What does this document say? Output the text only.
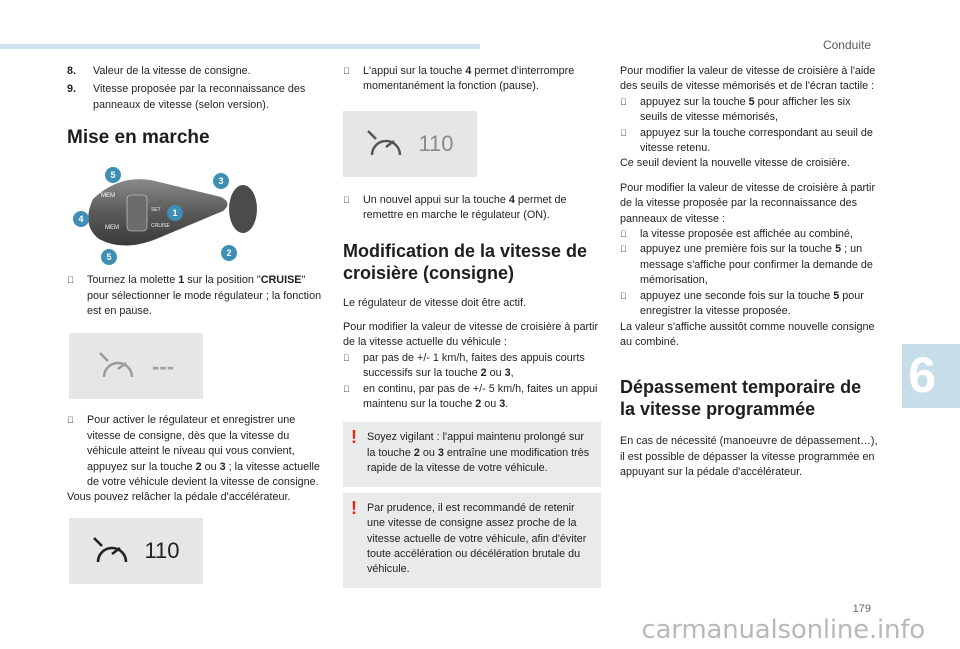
Conduite
6
179
carmanualsonline.info
8.	Valeur de la vitesse de consigne.
9.	Vitesse proposée par la reconnaissance des panneaux de vitesse (selon version).
Mise en marche
MEM
MEM
SET
CRUISE
5
3
4
1
5	2
Tournez la molette 1 sur la position "CRUISE" pour sélectionner le mode régulateur ; la fonction est en pause.
---
Pour activer le régulateur et enregistrer une vitesse de consigne, dès que la vitesse du véhicule atteint le niveau qui vous convient, appuyez sur la touche 2 ou 3 ; la vitesse actuelle de votre véhicule devient la vitesse de consigne.

Vous pouvez relâcher la pédale d'accélérateur.

110
L'appui sur la touche 4 permet d'interrompre momentanément la fonction (pause).
110
Un nouvel appui sur la touche 4 permet de remettre en marche le régulateur (ON).
Modification de la vitesse de croisière (consigne)

Le régulateur de vitesse doit être actif.

Pour modifier la valeur de vitesse de croisière à partir de la vitesse actuelle du véhicule :

par pas de +/- 1 km/h, faites des appuis courts successifs sur la touche 2 ou 3,
en continu, par pas de +/- 5 km/h, faites un appui maintenu sur la touche 2 ou 3.
! Soyez vigilant : l'appui maintenu prolongé sur la touche 2 ou 3 entraîne une modification très rapide de la vitesse de votre véhicule.
! Par prudence, il est recommandé de retenir une vitesse de consigne assez proche de la vitesse actuelle de votre véhicule, afin d'éviter toute accélération ou décélération brutale du véhicule.

Pour modifier la valeur de vitesse de croisière à l'aide des seuils de vitesse mémorisés et de l'écran tactile :

appuyez sur la touche 5 pour afficher les six seuils de vitesse mémorisés,
appuyez sur la touche correspondant au seuil de vitesse retenu.

Ce seuil devient la nouvelle vitesse de croisière.

Pour modifier la valeur de vitesse de croisière à partir de la vitesse proposée par la reconnaissance des panneaux de vitesse :

la vitesse proposée est affichée au combiné,
appuyez une première fois sur la touche 5 ; un message s'affiche pour confirmer la demande de mémorisation,
appuyez une seconde fois sur la touche 5 pour enregistrer la vitesse proposée.

La valeur s'affiche aussitôt comme nouvelle consigne au combiné.

Dépassement temporaire de la vitesse programmée

En cas de nécessité (manoeuvre de dépassement…), il est possible de dépasser la vitesse programmée en appuyant sur la pédale d'accélérateur.
